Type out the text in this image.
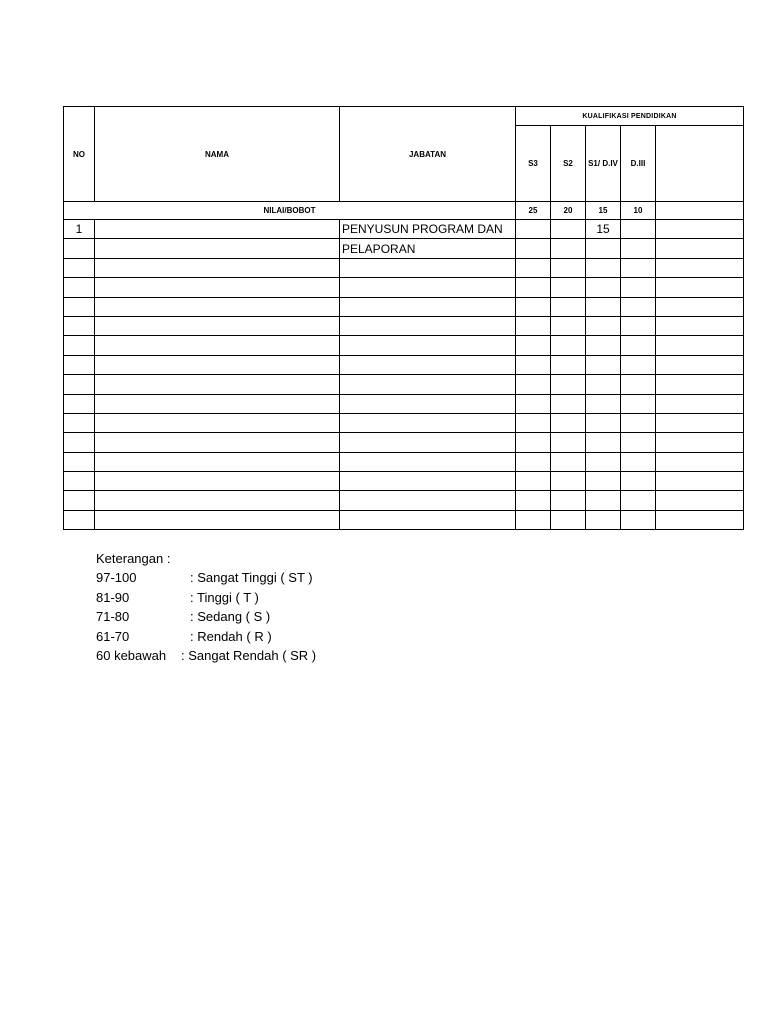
NO	NAMA	JABATAN	KUALIFIKASI PENDIDIKAN				
			S3	S2	S1/ D.IV	D.III	
NILAI/BOBOT			25	20	15	10	
1		PENYUSUN PROGRAM DAN			15		
		PELAPORAN					

Keterangan :
97-100	: Sangat Tinggi ( ST )
81-90	: Tinggi ( T )
71-80	: Sedang ( S )
61-70	: Rendah ( R )
60 kebawah : Sangat Rendah ( SR )
